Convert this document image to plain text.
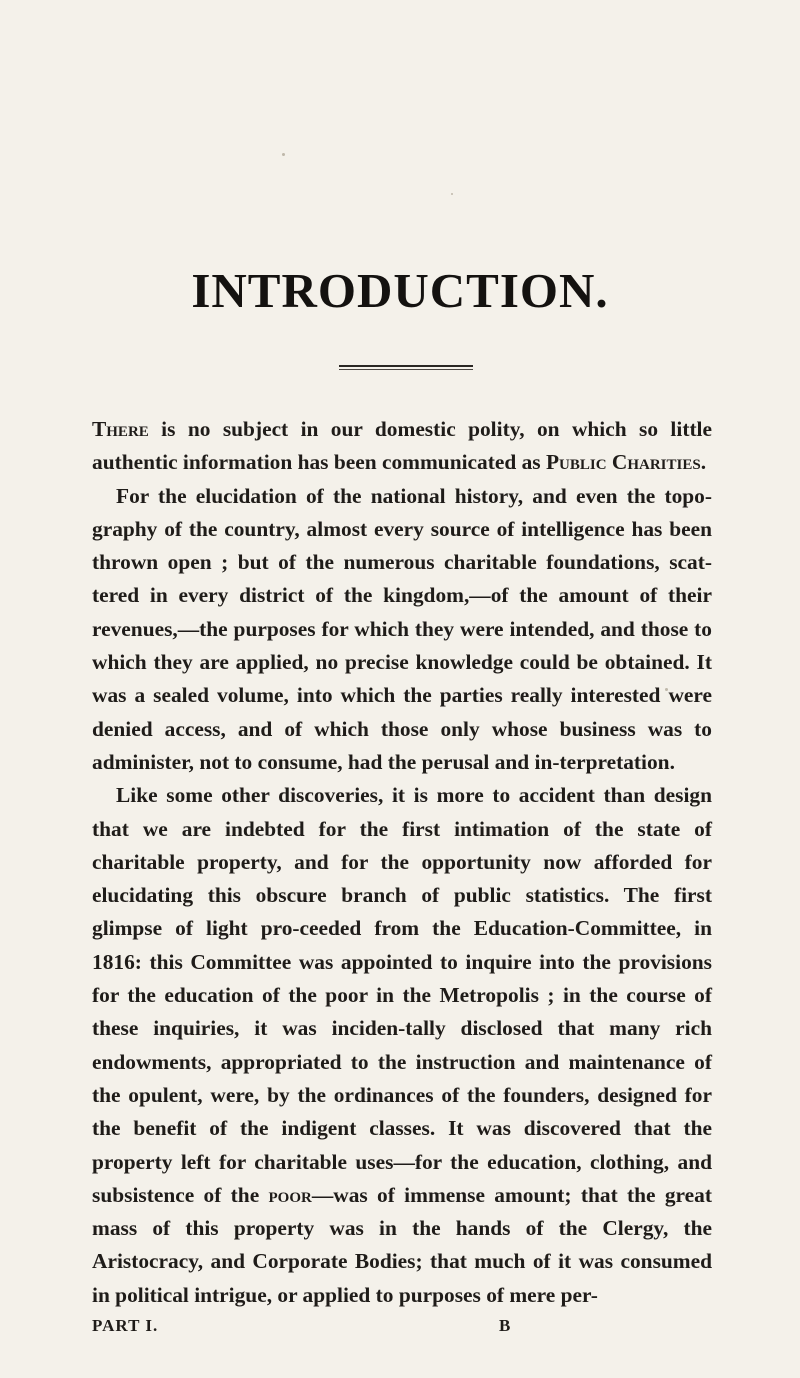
INTRODUCTION.

There is no subject in our domestic polity, on which so little authentic information has been communicated as Public Charities.

For the elucidation of the national history, and even the topo-graphy of the country, almost every source of intelligence has been thrown open ; but of the numerous charitable foundations, scat-tered in every district of the kingdom,—of the amount of their revenues,—the purposes for which they were intended, and those to which they are applied, no precise knowledge could be obtained. It was a sealed volume, into which the parties really interested were denied access, and of which those only whose business was to administer, not to consume, had the perusal and in-terpretation.

Like some other discoveries, it is more to accident than design that we are indebted for the first intimation of the state of charitable property, and for the opportunity now afforded for elucidating this obscure branch of public statistics. The first glimpse of light pro-ceeded from the Education-Committee, in 1816: this Committee was appointed to inquire into the provisions for the education of the poor in the Metropolis ; in the course of these inquiries, it was inciden-tally disclosed that many rich endowments, appropriated to the instruction and maintenance of the opulent, were, by the ordinances of the founders, designed for the benefit of the indigent classes. It was discovered that the property left for charitable uses—for the education, clothing, and subsistence of the poor—was of immense amount; that the great mass of this property was in the hands of the Clergy, the Aristocracy, and Corporate Bodies; that much of it was consumed in political intrigue, or applied to purposes of mere per-

PART I.	B
